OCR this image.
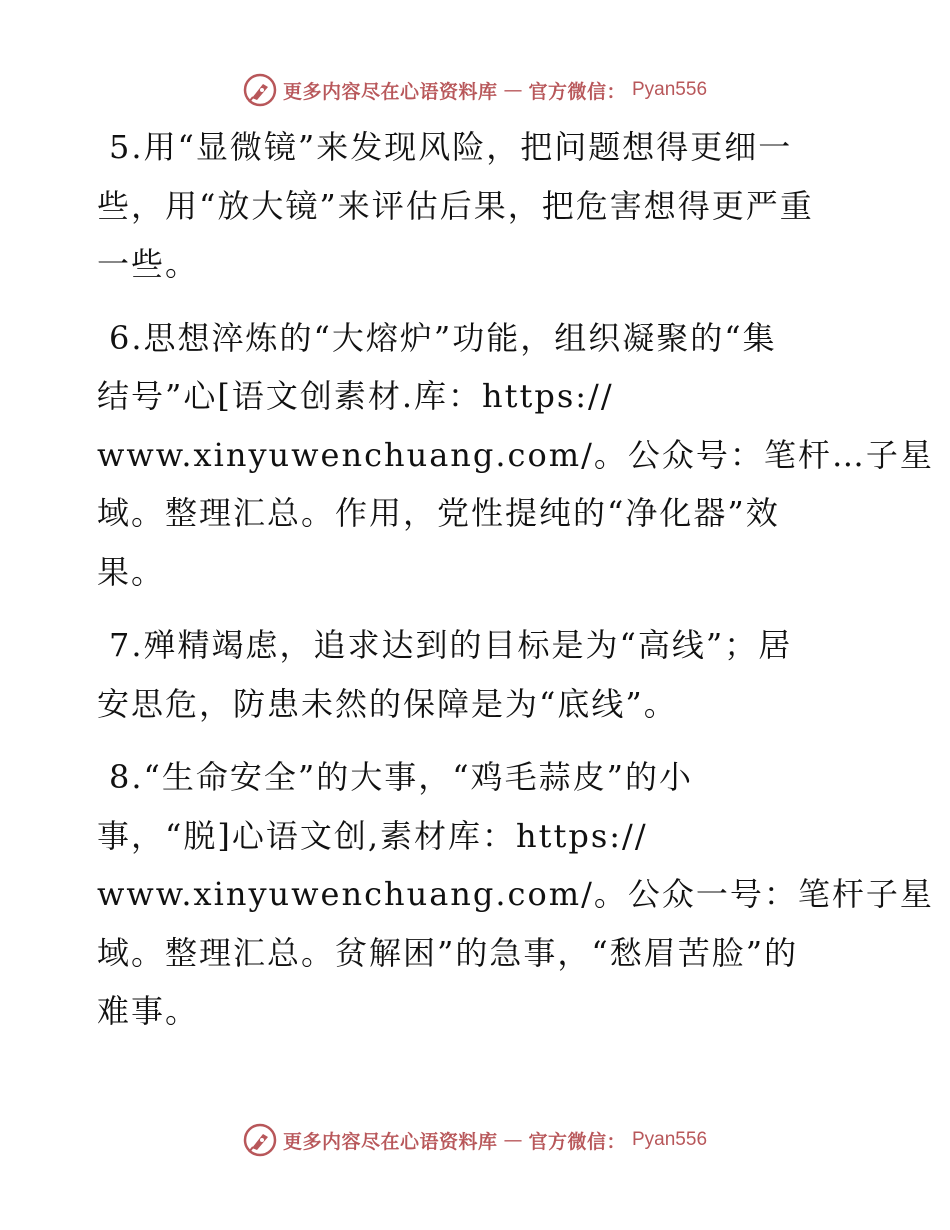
更多内容尽在心语资料库 — 官方微信： Pyan556

5.用“显微镜”来发现风险，把问题想得更细一
些，用“放大镜”来评估后果，把危害想得更严重
一些。

6.思想淬炼的“大熔炉”功能，组织凝聚的“集
结号”心[语文创素材.库：https://
www.xinyuwenchuang.com/。公众号：笔杆…子星
域。整理汇总。作用，党性提纯的“净化器”效
果。

7.殚精竭虑，追求达到的目标是为“高线”；居
安思危，防患未然的保障是为“底线”。

8.“生命安全”的大事，“鸡毛蒜皮”的小
事，“脱]心语文创,素材库：https://
www.xinyuwenchuang.com/。公众一号：笔杆子星
域。整理汇总。贫解困”的急事，“愁眉苦脸”的
难事。

更多内容尽在心语资料库 — 官方微信： Pyan556
